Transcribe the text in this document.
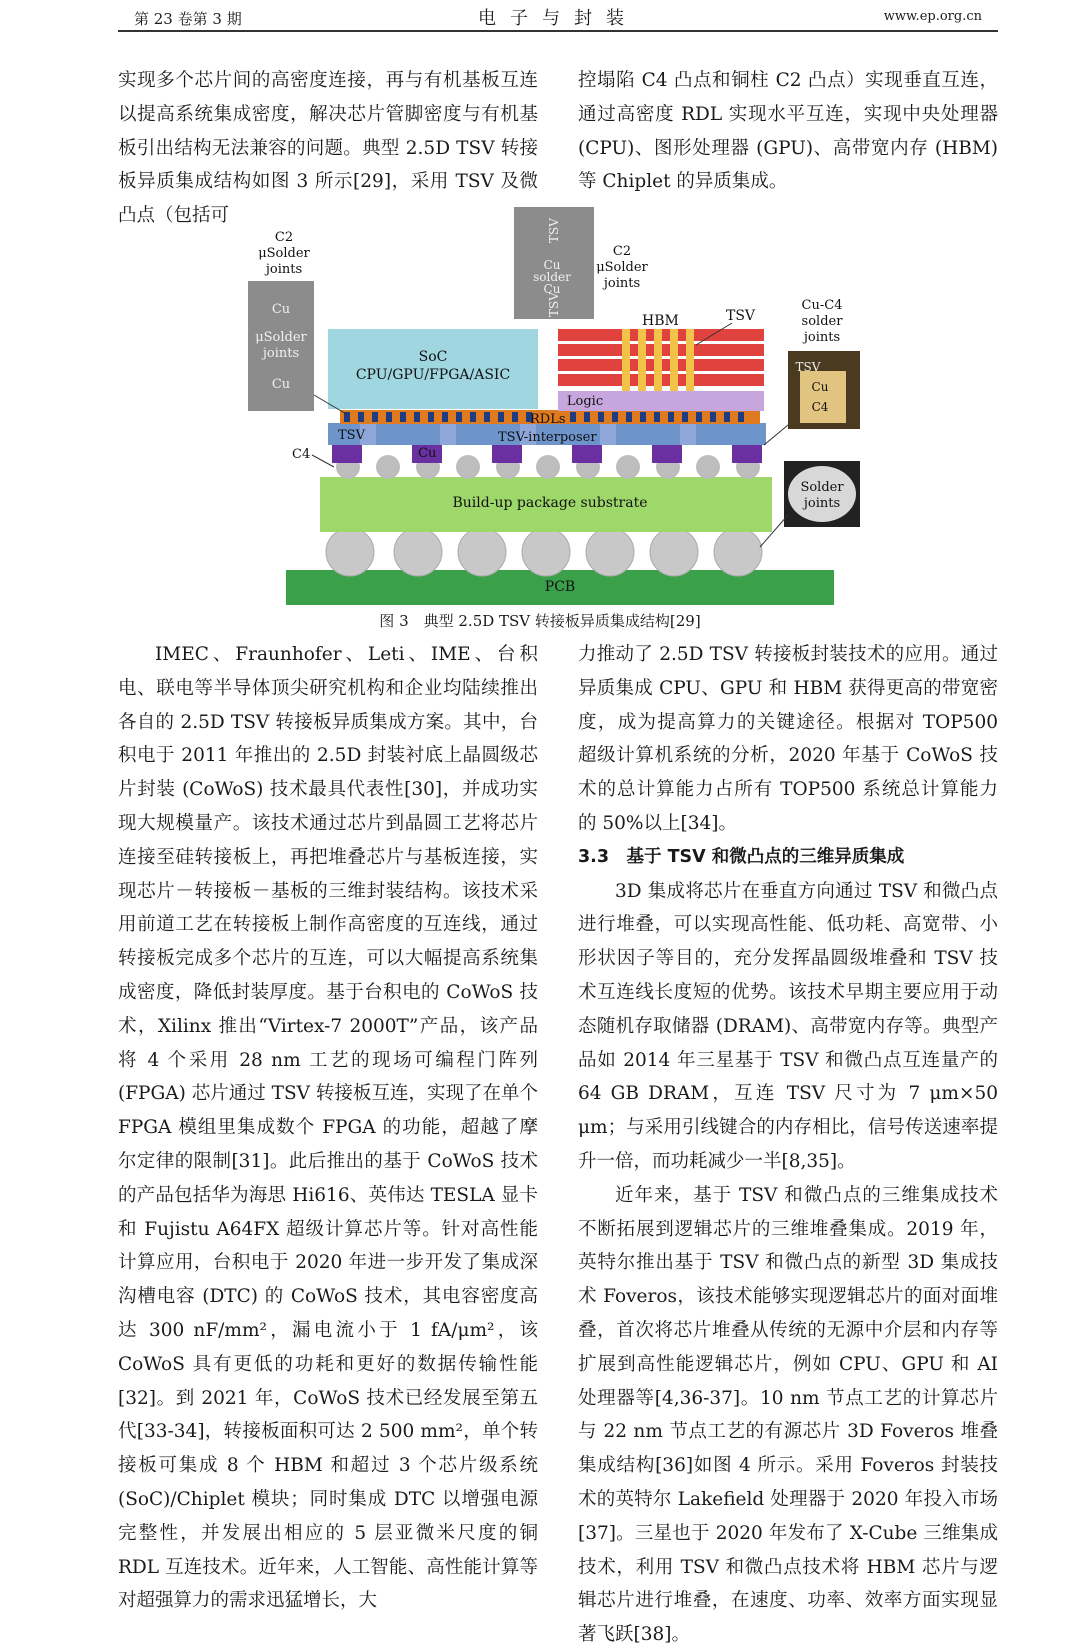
第 23 卷第 3 期	电子与封装	www.ep.org.cn

实现多个芯片间的高密度连接，再与有机基板互连以提高系统集成密度，解决芯片管脚密度与有机基板引出结构无法兼容的问题。典型 2.5D TSV 转接板异质集成结构如图 3 所示[29]，采用 TSV 及微凸点（包括可

控塌陷 C4 凸点和铜柱 C2 凸点）实现垂直互连，通过高密度 RDL 实现水平互连，实现中央处理器 (CPU)、图形处理器 (GPU)、高带宽内存 (HBM) 等 Chiplet 的异质集成。

PCB
Build-up package substrate
TSV	TSV-interposer
RDLs
C4	Cu
SoC
CPU/GPU/FPGA/ASIC
Logic
HBM	TSV
Cu
μSolder
joints
Cu
C2
μSolder
joints
TSV
Cu
solder
Cu
TSV
C2
μSolder
joints
Cu-C4
solder
joints
TSV
Cu
C4
Solder
joints
图 3　典型 2.5D TSV 转接板异质集成结构[29]

IMEC、Fraunhofer、Leti、IME、台积电、联电等半导体顶尖研究机构和企业均陆续推出各自的 2.5D TSV 转接板异质集成方案。其中，台积电于 2011 年推出的 2.5D 封装衬底上晶圆级芯片封装 (CoWoS) 技术最具代表性[30]，并成功实现大规模量产。该技术通过芯片到晶圆工艺将芯片连接至硅转接板上，再把堆叠芯片与基板连接，实现芯片－转接板－基板的三维封装结构。该技术采用前道工艺在转接板上制作高密度的互连线，通过转接板完成多个芯片的互连，可以大幅提高系统集成密度，降低封装厚度。基于台积电的 CoWoS 技术，Xilinx 推出“Virtex-7 2000T”产品，该产品将 4 个采用 28 nm 工艺的现场可编程门阵列 (FPGA) 芯片通过 TSV 转接板互连，实现了在单个 FPGA 模组里集成数个 FPGA 的功能，超越了摩尔定律的限制[31]。此后推出的基于 CoWoS 技术的产品包括华为海思 Hi616、英伟达 TESLA 显卡和 Fujistu A64FX 超级计算芯片等。针对高性能计算应用，台积电于 2020 年进一步开发了集成深沟槽电容 (DTC) 的 CoWoS 技术，其电容密度高达 300 nF/mm²，漏电流小于 1 fA/μm²，该 CoWoS 具有更低的功耗和更好的数据传输性能[32]。到 2021 年，CoWoS 技术已经发展至第五代[33-34]，转接板面积可达 2 500 mm²，单个转接板可集成 8 个 HBM 和超过 3 个芯片级系统 (SoC)/Chiplet 模块；同时集成 DTC 以增强电源完整性，并发展出相应的 5 层亚微米尺度的铜 RDL 互连技术。近年来，人工智能、高性能计算等对超强算力的需求迅猛增长，大

力推动了 2.5D TSV 转接板封装技术的应用。通过异质集成 CPU、GPU 和 HBM 获得更高的带宽密度，成为提高算力的关键途径。根据对 TOP500 超级计算机系统的分析，2020 年基于 CoWoS 技术的总计算能力占所有 TOP500 系统总计算能力的 50%以上[34]。

3.3　基于 TSV 和微凸点的三维异质集成

3D 集成将芯片在垂直方向通过 TSV 和微凸点进行堆叠，可以实现高性能、低功耗、高宽带、小形状因子等目的，充分发挥晶圆级堆叠和 TSV 技术互连线长度短的优势。该技术早期主要应用于动态随机存取储器 (DRAM)、高带宽内存等。典型产品如 2014 年三星基于 TSV 和微凸点互连量产的 64 GB DRAM，互连 TSV 尺寸为 7 μm×50 μm；与采用引线键合的内存相比，信号传送速率提升一倍，而功耗减少一半[8,35]。

近年来，基于 TSV 和微凸点的三维集成技术不断拓展到逻辑芯片的三维堆叠集成。2019 年，英特尔推出基于 TSV 和微凸点的新型 3D 集成技术 Foveros，该技术能够实现逻辑芯片的面对面堆叠，首次将芯片堆叠从传统的无源中介层和内存等扩展到高性能逻辑芯片，例如 CPU、GPU 和 AI 处理器等[4,36-37]。10 nm 节点工艺的计算芯片与 22 nm 节点工艺的有源芯片 3D Foveros 堆叠集成结构[36]如图 4 所示。采用 Foveros 封装技术的英特尔 Lakefield 处理器于 2020 年投入市场[37]。三星也于 2020 年发布了 X-Cube 三维集成技术，利用 TSV 和微凸点技术将 HBM 芯片与逻辑芯片进行堆叠，在速度、功率、效率方面实现显著飞跃[38]。
